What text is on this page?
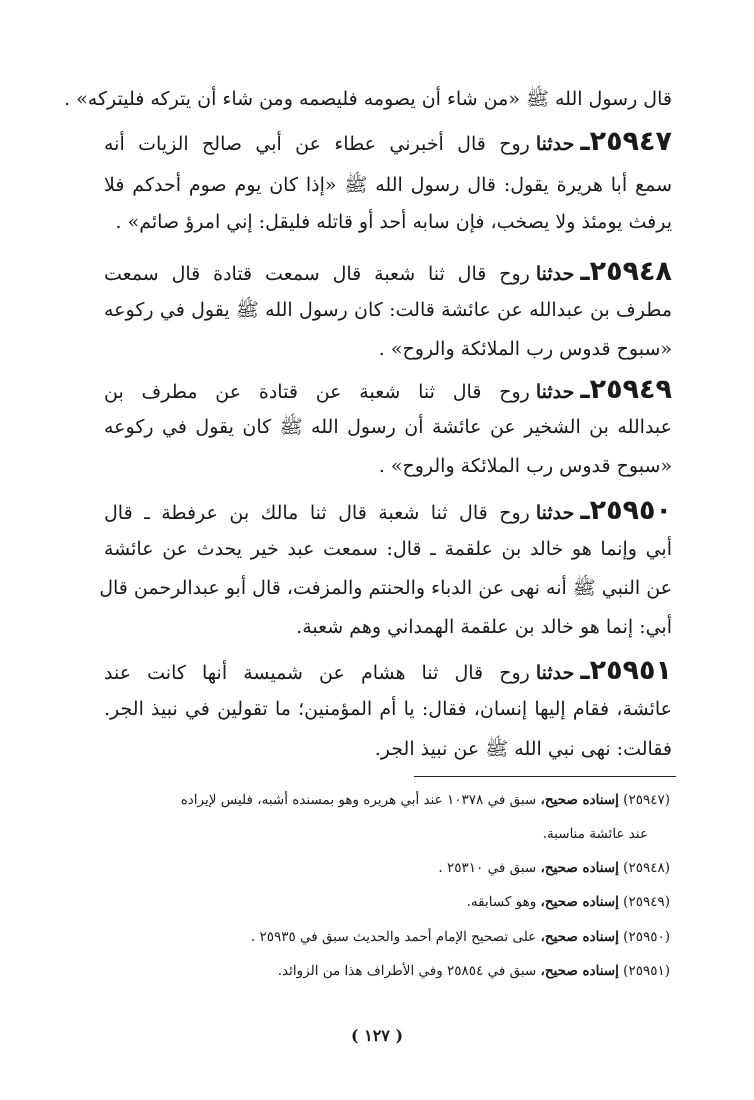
قال رسول الله ﷺ «من شاء أن يصومه فليصمه ومن شاء أن يتركه فليتركه» .
٢٥٩٤٧ـحدثناروح قال أخبرني عطاء عن أبي صالح الزيات أنه
سمع أبا هريرة يقول: قال رسول الله ﷺ «إذا كان يوم صوم أحدكم فلا
يرفث يومئذ ولا يصخب، فإن سابه أحد أو قاتله فليقل: إني امرؤ صائم» .
٢٥٩٤٨ـحدثناروح قال ثنا شعبة قال سمعت قتادة قال سمعت
مطرف بن عبدالله عن عائشة قالت: كان رسول الله ﷺ يقول في ركوعه
«سبوح قدوس رب الملائكة والروح» .
٢٥٩٤٩ـحدثناروح قال ثنا شعبة عن قتادة عن مطرف بن
عبدالله بن الشخير عن عائشة أن رسول الله ﷺ كان يقول في ركوعه
«سبوح قدوس رب الملائكة والروح» .
٢٥٩٥٠ـحدثناروح قال ثنا شعبة قال ثنا مالك بن عرفطة ـ قال
أبي وإنما هو خالد بن علقمة ـ قال: سمعت عبد خير يحدث عن عائشة
عن النبي ﷺ أنه نهى عن الدباء والحنتم والمزفت، قال أبو عبدالرحمن قال
أبي: إنما هو خالد بن علقمة الهمداني وهم شعبة.
٢٥٩٥١ـحدثناروح قال ثنا هشام عن شميسة أنها كانت عند
عائشة، فقام إليها إنسان، فقال: يا أم المؤمنين؛ ما تقولين في نبيذ الجر.
فقالت: نهى نبي الله ﷺ عن نبيذ الجر.
(٢٥٩٤٧) إسناده صحيح، سبق في ١٠٣٧٨ عند أبي هريره وهو بمسنده أشبه، فليس لإيراده
عند عائشة مناسبة.
(٢٥٩٤٨) إسناده صحيح، سبق في ٢٥٣١٠ .
(٢٥٩٤٩) إسناده صحيح، وهو كسابقه.
(٢٥٩٥٠) إسناده صحيح، على تصحيح الإمام أحمد والحديث سبق في ٢٥٩٣٥ .
(٢٥٩٥١) إسناده صحيح، سبق في ٢٥٨٥٤ وفي الأطراف هذا من الزوائد.
( ١٢٧ )
